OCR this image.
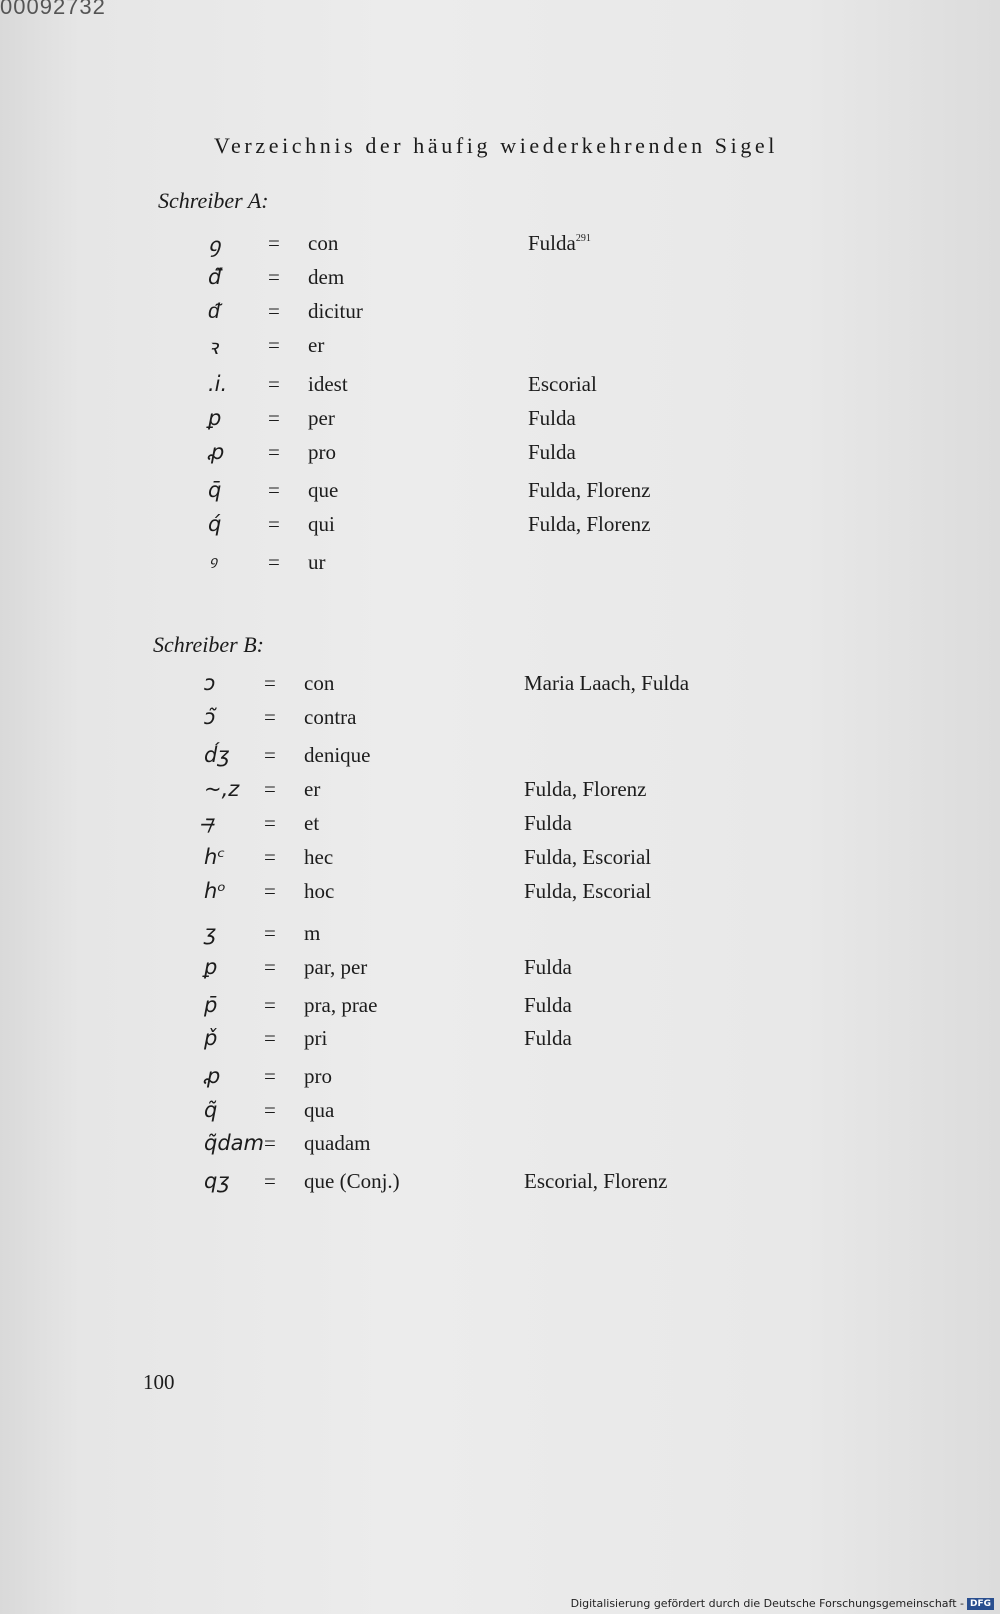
00092732
Verzeichnis der häufig wiederkehrenden Sigel
Schreiber A:
ꝯ	= con	Fulda$^{291}$
đ̃	= dem
ᵭ	= dicitur
ꝛ	= er
.i.	= idest	Escorial
ꝑ	= per	Fulda
ꝓ	= pro	Fulda
q̄	= que	Fulda, Florenz
q́	= qui	Fulda, Florenz
ꝰ	= ur
Schreiber B:
ↄ	= con	Maria Laach, Fulda
ↄ̃	= contra
d́ʒ	= denique
~,z	= er	Fulda, Florenz
⁊̶	= et	Fulda
hᶜ	= hec	Fulda, Escorial
hᵒ	= hoc	Fulda, Escorial
ʒ	= m
ꝑ	= par, per	Fulda
p̄	= pra, prae	Fulda
p̌	= pri	Fulda
ꝓ	= pro
q̃	= qua
q̃dam = quadam
qʒ	= que (Conj.)	Escorial, Florenz
100
Digitalisierung gefördert durch die Deutsche Forschungsgemeinschaft - DFG
